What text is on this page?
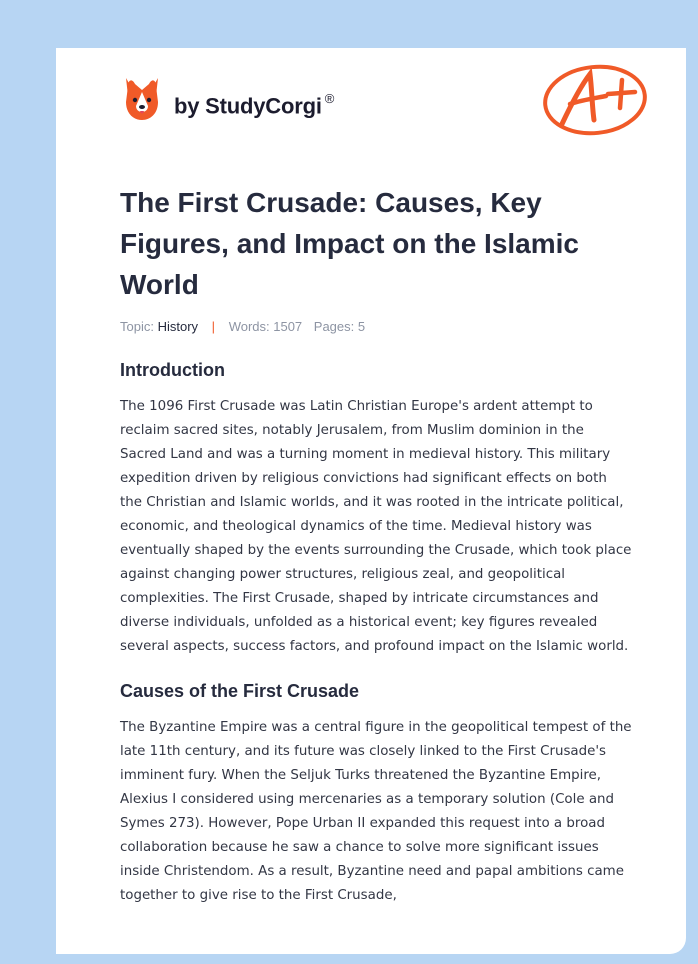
by StudyCorgi ®
The First Crusade: Causes, Key Figures, and Impact on the Islamic World
Topic: History | Words: 1507 Pages: 5
Introduction

The 1096 First Crusade was Latin Christian Europe's ardent attempt to reclaim sacred sites, notably Jerusalem, from Muslim dominion in the Sacred Land and was a turning moment in medieval history. This military expedition driven by religious convictions had significant effects on both the Christian and Islamic worlds, and it was rooted in the intricate political, economic, and theological dynamics of the time. Medieval history was eventually shaped by the events surrounding the Crusade, which took place against changing power structures, religious zeal, and geopolitical complexities. The First Crusade, shaped by intricate circumstances and diverse individuals, unfolded as a historical event; key figures revealed several aspects, success factors, and profound impact on the Islamic world.

Causes of the First Crusade

The Byzantine Empire was a central figure in the geopolitical tempest of the late 11th century, and its future was closely linked to the First Crusade's imminent fury. When the Seljuk Turks threatened the Byzantine Empire, Alexius I considered using mercenaries as a temporary solution (Cole and Symes 273). However, Pope Urban II expanded this request into a broad collaboration because he saw a chance to solve more significant issues inside Christendom. As a result, Byzantine need and papal ambitions came together to give rise to the First Crusade,
